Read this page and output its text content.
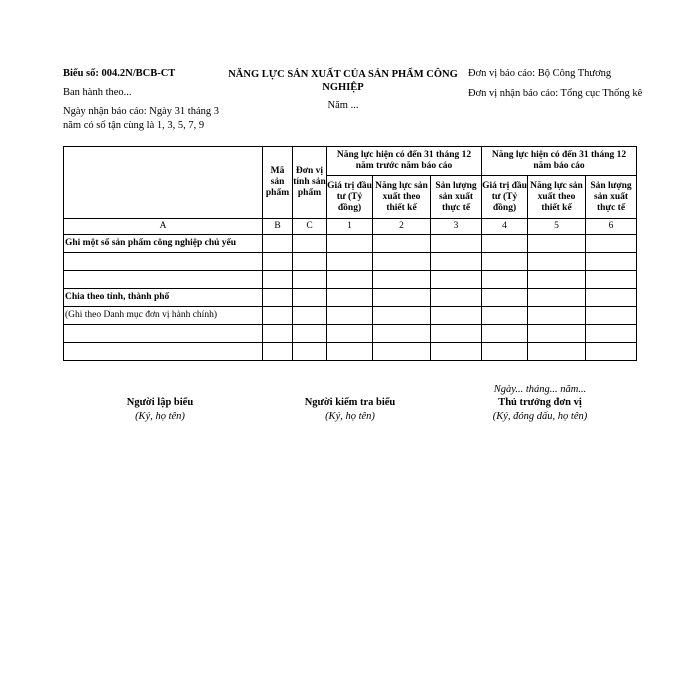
Biểu số: 004.2N/BCB-CT
Ban hành theo...
Ngày nhận báo cáo: Ngày 31 tháng 3 năm có số tận cùng là 1, 3, 5, 7, 9
NĂNG LỰC SẢN XUẤT CỦA SẢN PHẨM CÔNG NGHIỆP
Năm ...
Đơn vị báo cáo: Bộ Công Thương
Đơn vị nhận báo cáo: Tổng cục Thống kê
	Mã sản phẩm	Đơn vị tính sản phẩm	Năng lực hiện có đến 31 tháng 12 năm trước năm báo cáo			Năng lực hiện có đến 31 tháng 12 năm báo cáo		
			Giá trị đầu tư (Tỷ đồng)	Năng lực sản xuất theo thiết kế	Sản lượng sản xuất thực tế	Giá trị đầu tư (Tỷ đồng)	Năng lực sản xuất theo thiết kế	Sản lượng sản xuất thực tế
A	B	C	1	2	3	4	5	6
Ghi một số sản phẩm công nghiệp chủ yếu								

Chia theo tỉnh, thành phố								
(Ghi theo Danh mục đơn vị hành chính)								

Người lập biểu
(Ký, họ tên)
Người kiểm tra biểu
(Ký, họ tên)
Ngày... tháng... năm...
Thủ trưởng đơn vị
(Ký, đóng dấu, họ tên)
